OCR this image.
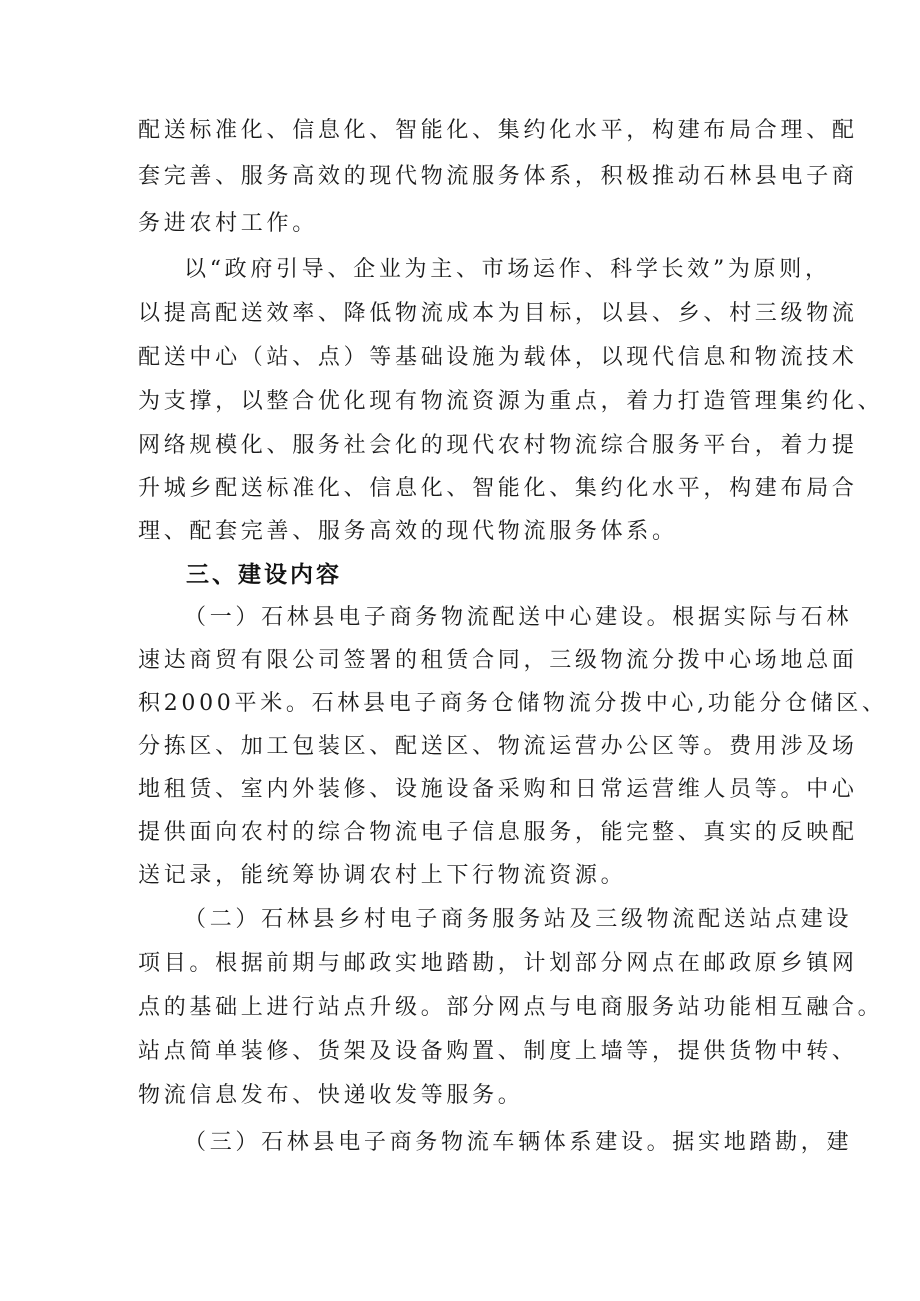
配送标准化、信息化、智能化、集约化水平，构建布局合理、配
套完善、服务高效的现代物流服务体系，积极推动石林县电子商
务进农村工作。
以“政府引导、企业为主、市场运作、科学长效”为原则，
以提高配送效率、降低物流成本为目标，以县、乡、村三级物流
配送中心（站、点）等基础设施为载体，以现代信息和物流技术
为支撑，以整合优化现有物流资源为重点，着力打造管理集约化、
网络规模化、服务社会化的现代农村物流综合服务平台，着力提
升城乡配送标准化、信息化、智能化、集约化水平，构建布局合
理、配套完善、服务高效的现代物流服务体系。
三、建设内容
（一）石林县电子商务物流配送中心建设。根据实际与石林
速达商贸有限公司签署的租赁合同，三级物流分拨中心场地总面
积2000平米。石林县电子商务仓储物流分拨中心,功能分仓储区、
分拣区、加工包装区、配送区、物流运营办公区等。费用涉及场
地租赁、室内外装修、设施设备采购和日常运营维人员等。中心
提供面向农村的综合物流电子信息服务，能完整、真实的反映配
送记录，能统筹协调农村上下行物流资源。
（二）石林县乡村电子商务服务站及三级物流配送站点建设
项目。根据前期与邮政实地踏勘，计划部分网点在邮政原乡镇网
点的基础上进行站点升级。部分网点与电商服务站功能相互融合。
站点简单装修、货架及设备购置、制度上墙等，提供货物中转、
物流信息发布、快递收发等服务。
（三）石林县电子商务物流车辆体系建设。据实地踏勘，建
